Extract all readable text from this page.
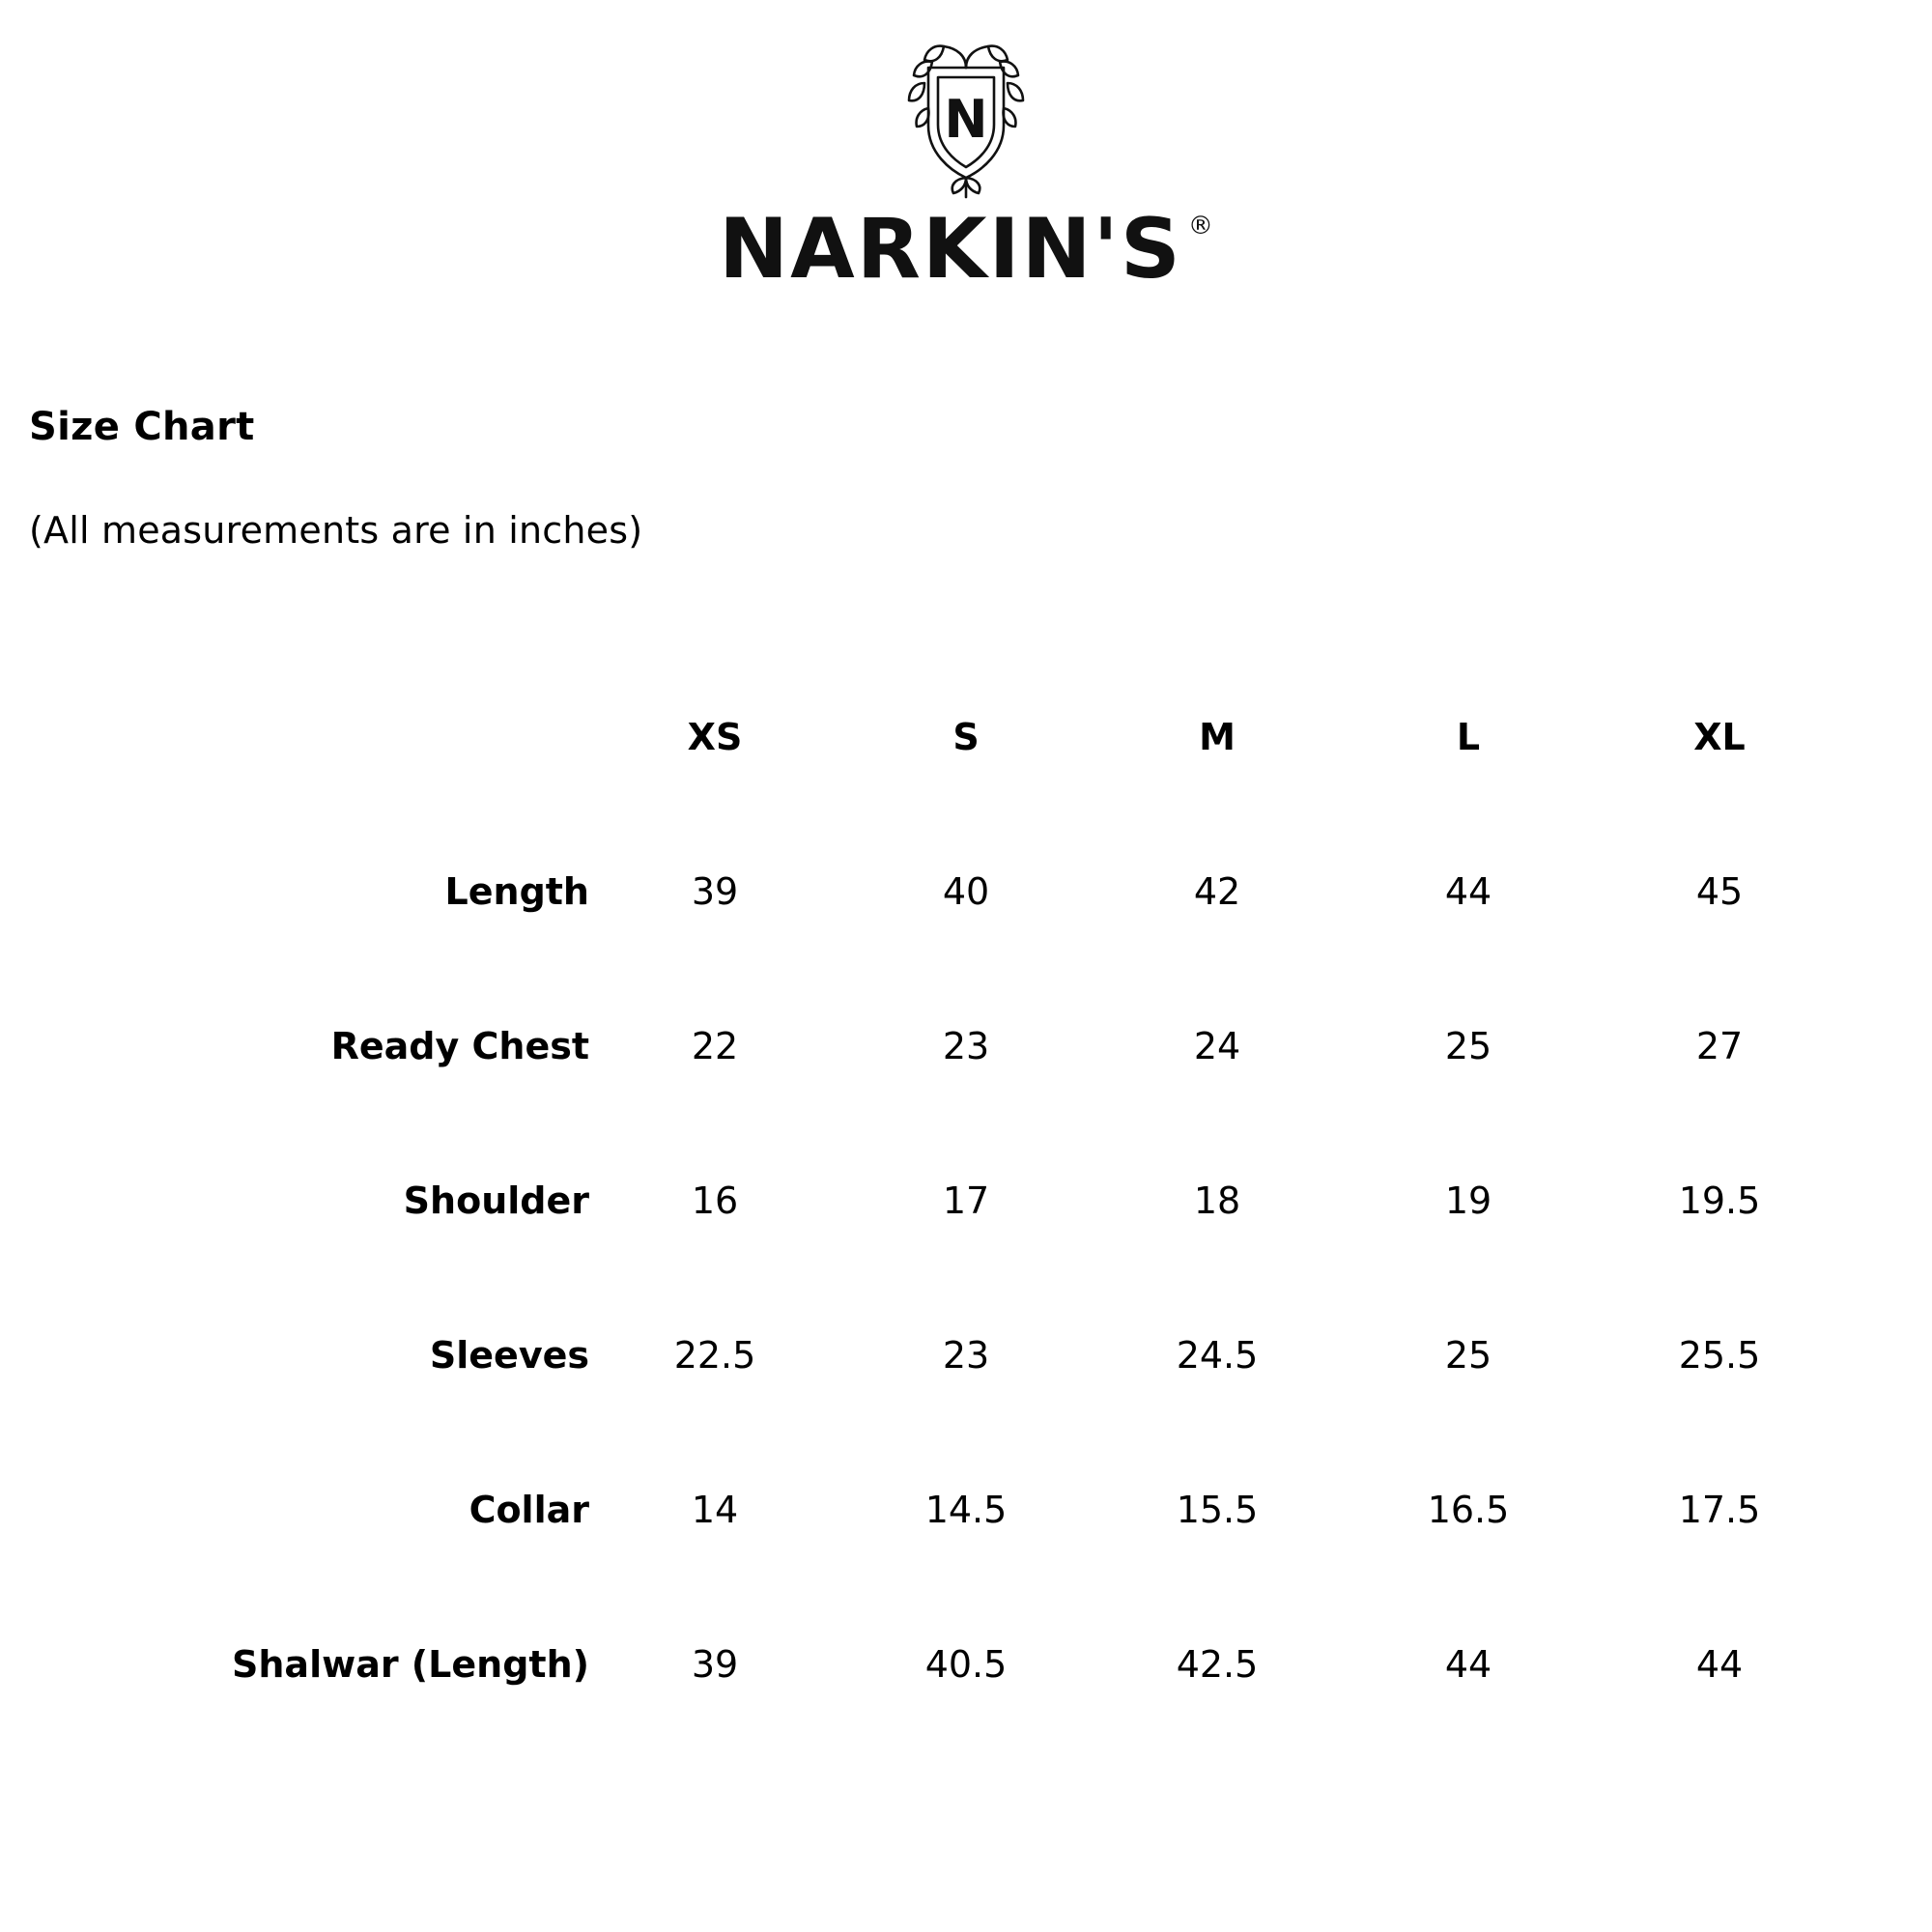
N
NARKIN'S ®
Size Chart
(All measurements are in inches)
	XS	S	M	L	XL
Length	39	40	42	44	45
Ready Chest	22	23	24	25	27
Shoulder	16	17	18	19	19.5
Sleeves	22.5	23	24.5	25	25.5
Collar	14	14.5	15.5	16.5	17.5
Shalwar (Length)	39	40.5	42.5	44	44
